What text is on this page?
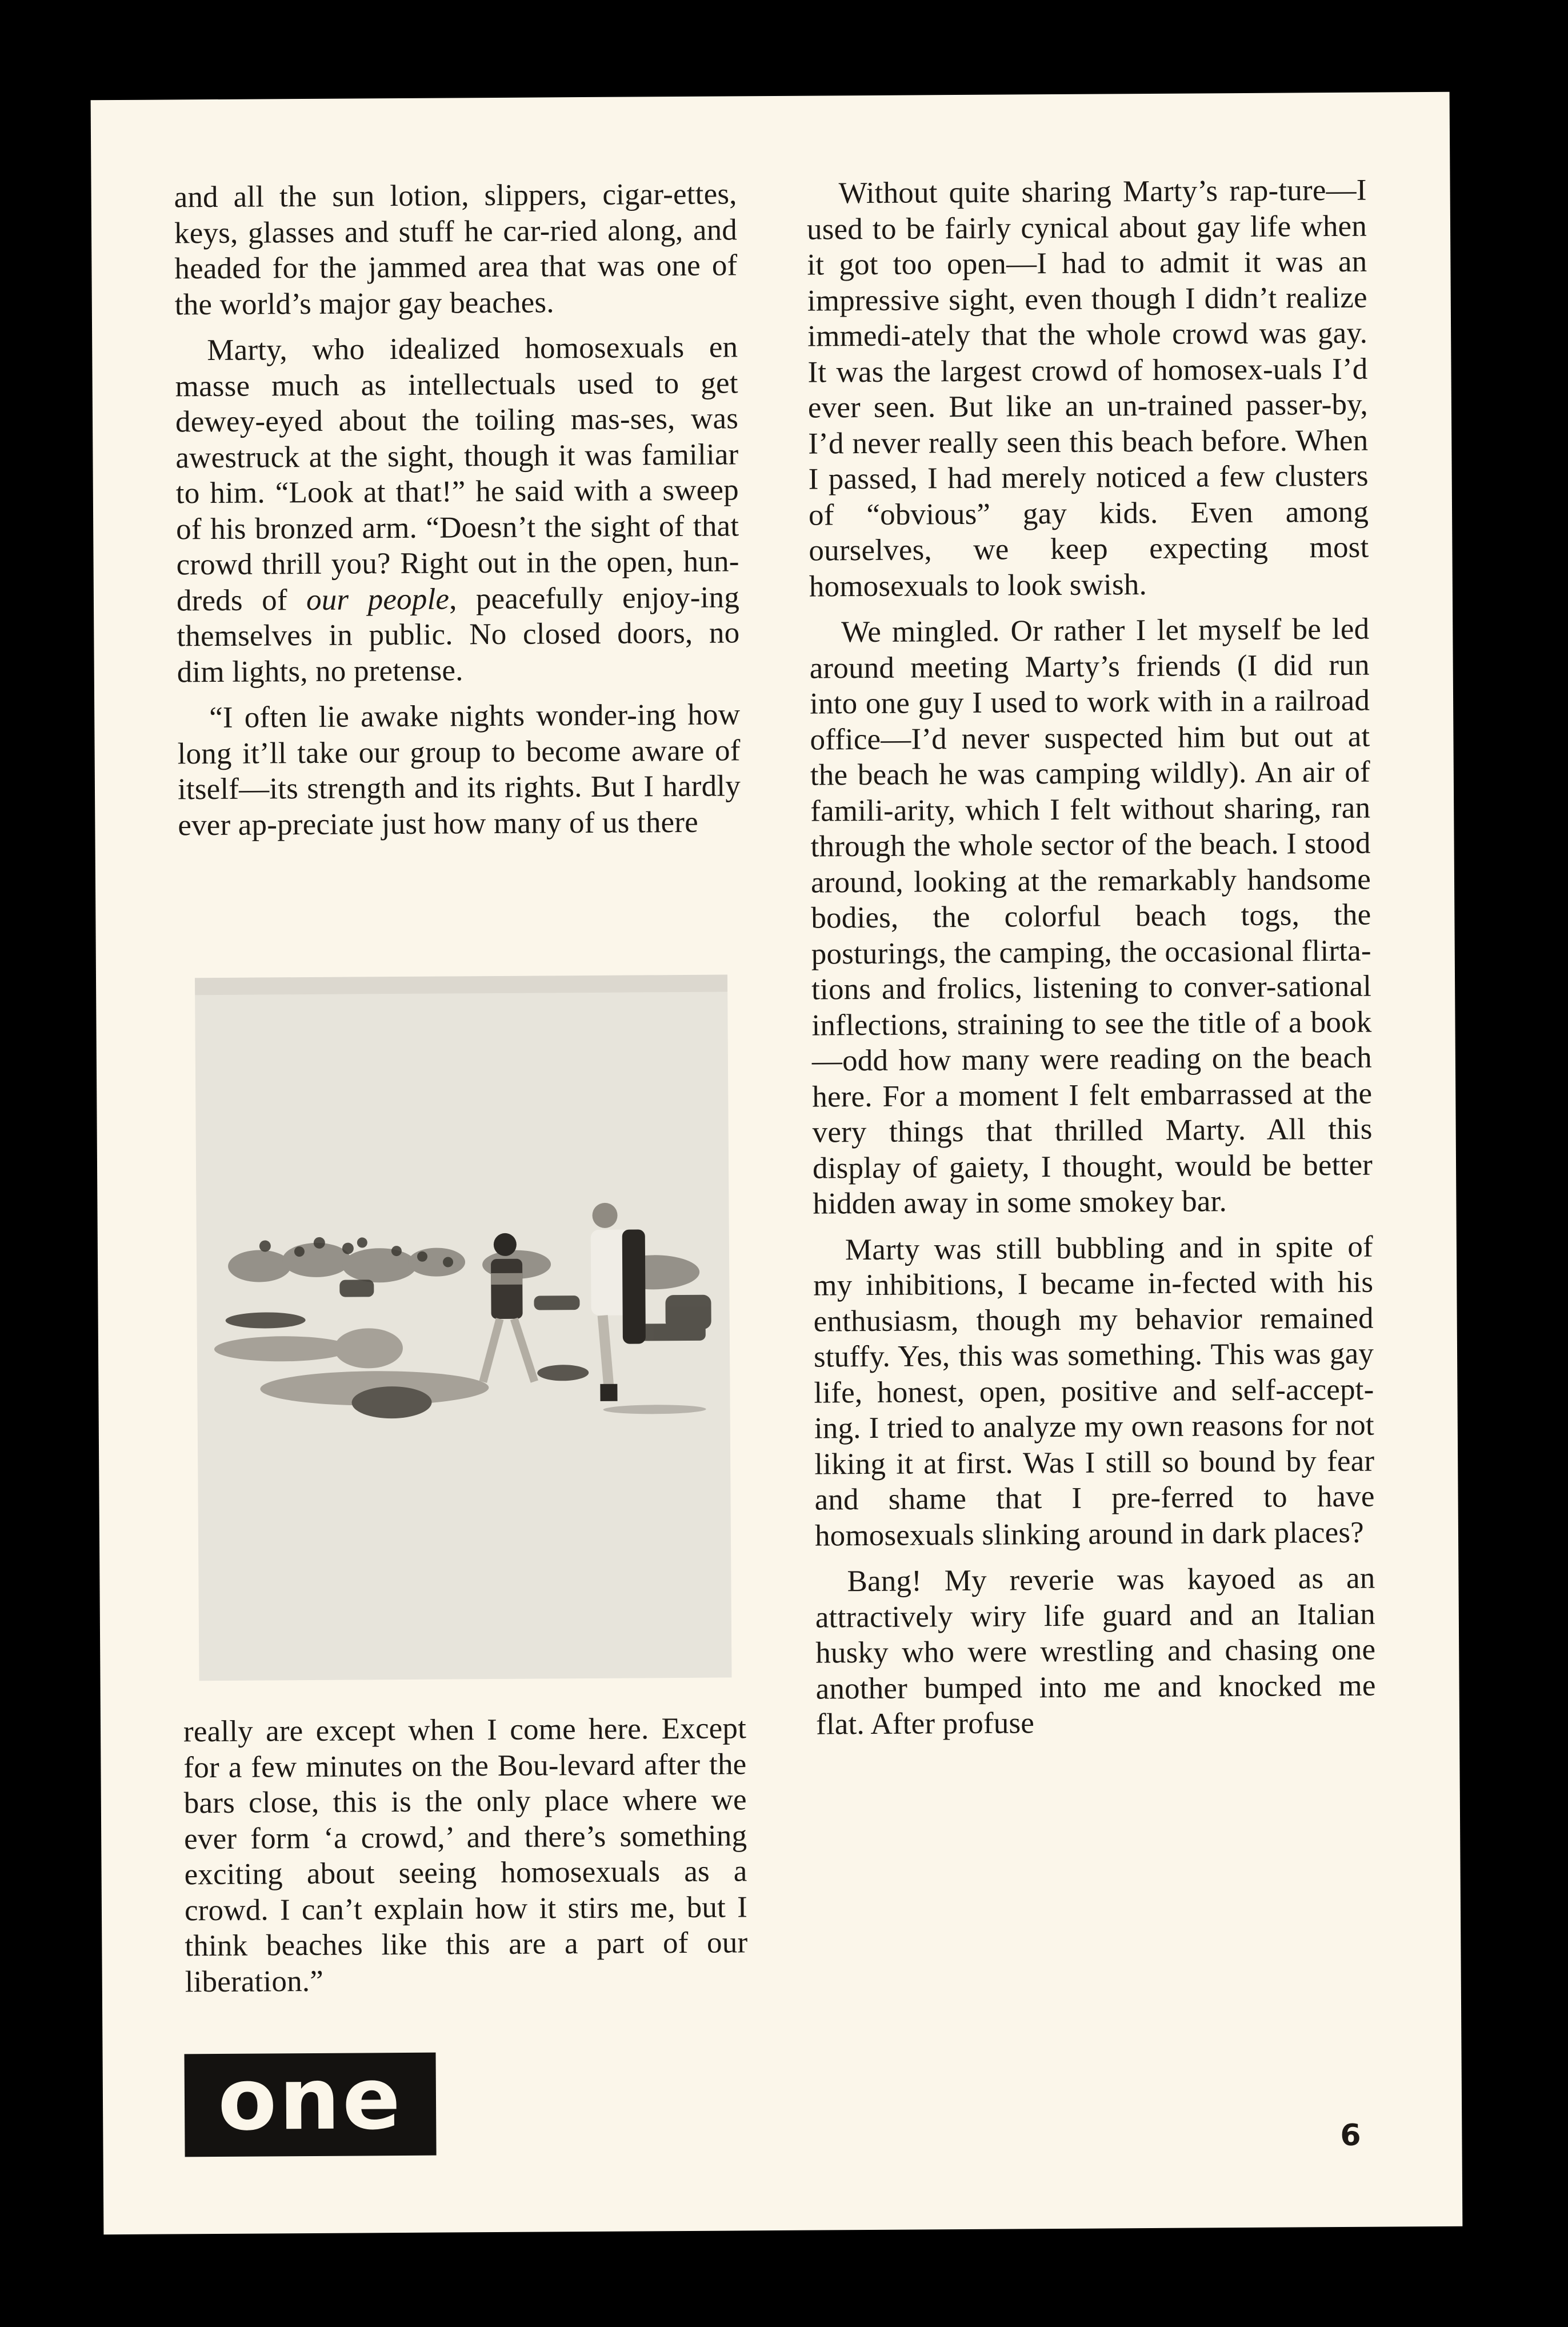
and all the sun lotion, slippers, cigar-ettes, keys, glasses and stuff he car-ried along, and headed for the jammed area that was one of the world’s major gay beaches.

Marty, who idealized homosexuals en masse much as intellectuals used to get dewey-eyed about the toiling mas-ses, was awestruck at the sight, though it was familiar to him. “Look at that!” he said with a sweep of his bronzed arm. “Doesn’t the sight of that crowd thrill you? Right out in the open, hun-dreds of our people, peacefully enjoy-ing themselves in public. No closed doors, no dim lights, no pretense.

“I often lie awake nights wonder-ing how long it’ll take our group to become aware of itself—its strength and its rights. But I hardly ever ap-preciate just how many of us there

really are except when I come here. Except for a few minutes on the Bou-levard after the bars close, this is the only place where we ever form ‘a crowd,’ and there’s something exciting about seeing homosexuals as a crowd. I can’t explain how it stirs me, but I think beaches like this are a part of our liberation.”

Without quite sharing Marty’s rap-ture—I used to be fairly cynical about gay life when it got too open—I had to admit it was an impressive sight, even though I didn’t realize immedi-ately that the whole crowd was gay. It was the largest crowd of homosex-uals I’d ever seen. But like an un-trained passer-by, I’d never really seen this beach before. When I passed, I had merely noticed a few clusters of “obvious” gay kids. Even among ourselves, we keep expecting most homosexuals to look swish.

We mingled. Or rather I let myself be led around meeting Marty’s friends (I did run into one guy I used to work with in a railroad office—I’d never suspected him but out at the beach he was camping wildly). An air of famili-arity, which I felt without sharing, ran through the whole sector of the beach. I stood around, looking at the remarkably handsome bodies, the colorful beach togs, the posturings, the camping, the occasional flirta-tions and frolics, listening to conver-sational inflections, straining to see the title of a book—odd how many were reading on the beach here. For a moment I felt embarrassed at the very things that thrilled Marty. All this display of gaiety, I thought, would be better hidden away in some smokey bar.

Marty was still bubbling and in spite of my inhibitions, I became in-fected with his enthusiasm, though my behavior remained stuffy. Yes, this was something. This was gay life, honest, open, positive and self-accept-ing. I tried to analyze my own reasons for not liking it at first. Was I still so bound by fear and shame that I pre-ferred to have homosexuals slinking around in dark places?

Bang! My reverie was kayoed as an attractively wiry life guard and an Italian husky who were wrestling and chasing one another bumped into me and knocked me flat. After profuse

one	6
